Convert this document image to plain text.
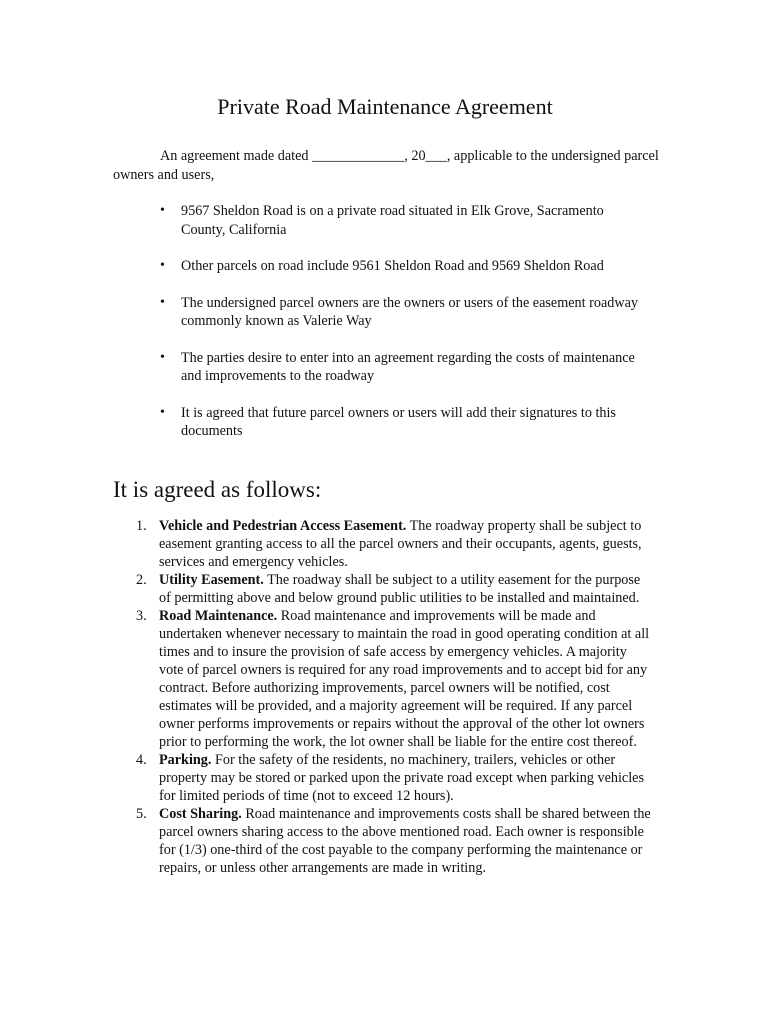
Private Road Maintenance Agreement

An agreement made dated _____________, 20___, applicable to the undersigned parcel owners and users,

• 9567 Sheldon Road is on a private road situated in Elk Grove, Sacramento County, California
• Other parcels on road include 9561 Sheldon Road and 9569 Sheldon Road
• The undersigned parcel owners are the owners or users of the easement roadway commonly known as Valerie Way
• The parties desire to enter into an agreement regarding the costs of maintenance and improvements to the roadway
• It is agreed that future parcel owners or users will add their signatures to this documents
It is agreed as follows:
1. Vehicle and Pedestrian Access Easement. The roadway property shall be subject to easement granting access to all the parcel owners and their occupants, agents, guests, services and emergency vehicles.
2. Utility Easement. The roadway shall be subject to a utility easement for the purpose of permitting above and below ground public utilities to be installed and maintained.
3. Road Maintenance. Road maintenance and improvements will be made and undertaken whenever necessary to maintain the road in good operating condition at all times and to insure the provision of safe access by emergency vehicles. A majority vote of parcel owners is required for any road improvements and to accept bid for any contract. Before authorizing improvements, parcel owners will be notified, cost estimates will be provided, and a majority agreement will be required. If any parcel owner performs improvements or repairs without the approval of the other lot owners prior to performing the work, the lot owner shall be liable for the entire cost thereof.
4. Parking. For the safety of the residents, no machinery, trailers, vehicles or other property may be stored or parked upon the private road except when parking vehicles for limited periods of time (not to exceed 12 hours).
5. Cost Sharing. Road maintenance and improvements costs shall be shared between the parcel owners sharing access to the above mentioned road. Each owner is responsible for (1/3) one-third of the cost payable to the company performing the maintenance or repairs, or unless other arrangements are made in writing.
